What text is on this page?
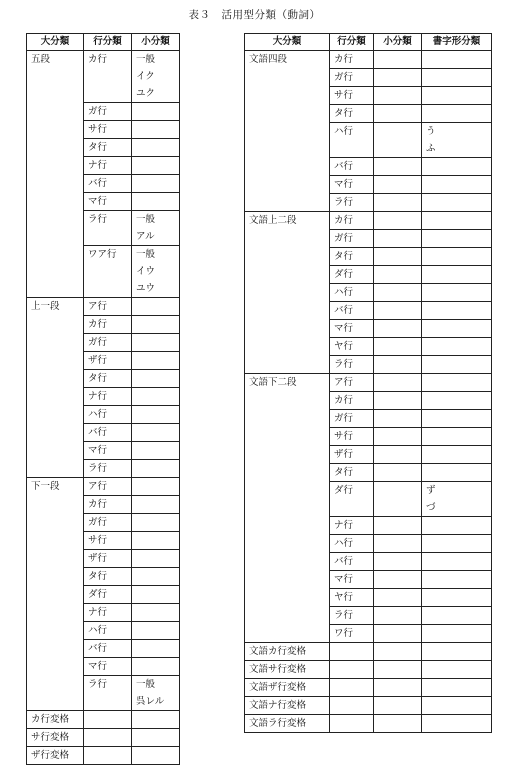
表３　活用型分類（動詞）
大分類	行分類	小分類
五段	カ行	一般
イク
ユク

	ガ行	
	サ行	
	タ行	
	ナ行	
	バ行	
	マ行	
	ラ行	一般
アル

	ワア行	一般
イウ
ユウ

上一段	ア行	
	カ行	
	ガ行	
	ザ行	
	タ行	
	ナ行	
	ハ行	
	バ行	
	マ行	
	ラ行	
下一段	ア行	
	カ行	
	ガ行	
	サ行	
	ザ行	
	タ行	
	ダ行	
	ナ行	
	ハ行	
	バ行	
	マ行	
	ラ行	一般
呉レル

カ行変格		
サ行変格		
ザ行変格		
大分類	行分類	小分類	書字形分類
文語四段	カ行		
	ガ行		
	サ行		
	タ行		
	ハ行		う
ふ

	バ行		
	マ行		
	ラ行		
文語上二段	カ行		
	ガ行		
	タ行		
	ダ行		
	ハ行		
	バ行		
	マ行		
	ヤ行		
	ラ行		
文語下二段	ア行		
	カ行		
	ガ行		
	サ行		
	ザ行		
	タ行		
	ダ行		ず
づ

	ナ行		
	ハ行		
	バ行		
	マ行		
	ヤ行		
	ラ行		
	ワ行		
文語カ行変格			
文語サ行変格			
文語ザ行変格			
文語ナ行変格			
文語ラ行変格			
